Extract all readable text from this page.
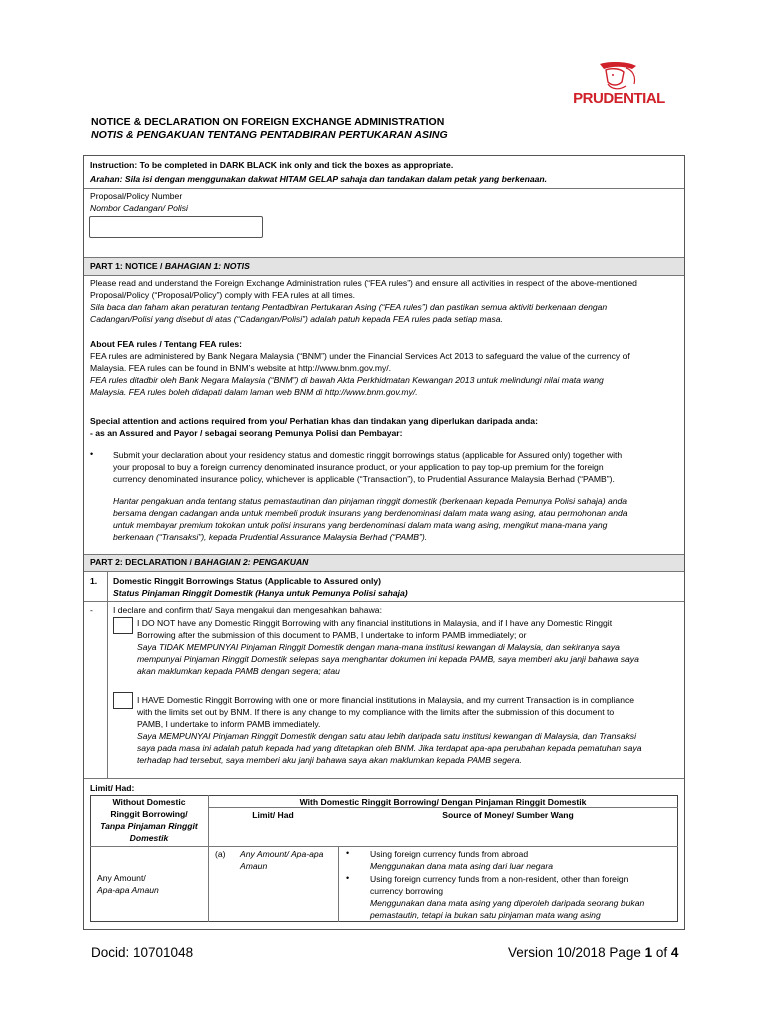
PRUDENTIAL
NOTICE & DECLARATION ON FOREIGN EXCHANGE ADMINISTRATION
NOTIS & PENGAKUAN TENTANG PENTADBIRAN PERTUKARAN ASING
Instruction: To be completed in DARK BLACK ink only and tick the boxes as appropriate.
Arahan: Sila isi dengan menggunakan dakwat HITAM GELAP sahaja dan tandakan dalam petak yang berkenaan.
Proposal/Policy Number
Nombor Cadangan/ Polisi
PART 1: NOTICE / BAHAGIAN 1: NOTIS
Please read and understand the Foreign Exchange Administration rules (“FEA rules”) and ensure all activities in respect of the above-mentioned
Proposal/Policy (“Proposal/Policy”) comply with FEA rules at all times.
Sila baca dan faham akan peraturan tentang Pentadbiran Pertukaran Asing (“FEA rules”) dan pastikan semua aktiviti berkenaan dengan
Cadangan/Polisi yang disebut di atas (“Cadangan/Polisi”) adalah patuh kepada FEA rules pada setiap masa.
About FEA rules / Tentang FEA rules:
FEA rules are administered by Bank Negara Malaysia (“BNM”) under the Financial Services Act 2013 to safeguard the value of the currency of
Malaysia. FEA rules can be found in BNM’s website at http://www.bnm.gov.my/.
FEA rules ditadbir oleh Bank Negara Malaysia (“BNM”) di bawah Akta Perkhidmatan Kewangan 2013 untuk melindungi nilai mata wang
Malaysia. FEA rules boleh didapati dalam laman web BNM di http://www.bnm.gov.my/.
Special attention and actions required from you/ Perhatian khas dan tindakan yang diperlukan daripada anda:
- as an Assured and Payor / sebagai seorang Pemunya Polisi dan Pembayar:
• Submit your declaration about your residency status and domestic ringgit borrowings status (applicable for Assured only) together with
your proposal to buy a foreign currency denominated insurance product, or your application to pay top-up premium for the foreign
currency denominated insurance policy, whichever is applicable (“Transaction”), to Prudential Assurance Malaysia Berhad (“PAMB”).
Hantar pengakuan anda tentang status pemastautinan dan pinjaman ringgit domestik (berkenaan kepada Pemunya Polisi sahaja) anda
bersama dengan cadangan anda untuk membeli produk insurans yang berdenominasi dalam mata wang asing, atau permohonan anda
untuk membayar premium tokokan untuk polisi insurans yang berdenominasi dalam mata wang asing, mengikut mana-mana yang
berkenaan (“Transaksi”), kepada Prudential Assurance Malaysia Berhad (“PAMB”).
PART 2: DECLARATION / BAHAGIAN 2: PENGAKUAN
1. Domestic Ringgit Borrowings Status (Applicable to Assured only)
Status Pinjaman Ringgit Domestik (Hanya untuk Pemunya Polisi sahaja)
- I declare and confirm that/ Saya mengakui dan mengesahkan bahawa:
I DO NOT have any Domestic Ringgit Borrowing with any financial institutions in Malaysia, and if I have any Domestic Ringgit
Borrowing after the submission of this document to PAMB, I undertake to inform PAMB immediately; or
Saya TIDAK MEMPUNYAI Pinjaman Ringgit Domestik dengan mana-mana institusi kewangan di Malaysia, dan sekiranya saya
mempunyai Pinjaman Ringgit Domestik selepas saya menghantar dokumen ini kepada PAMB, saya memberi aku janji bahawa saya
akan maklumkan kepada PAMB dengan segera; atau
I HAVE Domestic Ringgit Borrowing with one or more financial institutions in Malaysia, and my current Transaction is in compliance
with the limits set out by BNM. If there is any change to my compliance with the limits after the submission of this document to
PAMB, I undertake to inform PAMB immediately.
Saya MEMPUNYAI Pinjaman Ringgit Domestik dengan satu atau lebih daripada satu institusi kewangan di Malaysia, dan Transaksi
saya pada masa ini adalah patuh kepada had yang ditetapkan oleh BNM. Jika terdapat apa-apa perubahan kepada pematuhan saya
terhadap had tersebut, saya memberi aku janji bahawa saya akan maklumkan kepada PAMB segera.
Limit/ Had:
Without Domestic
Ringgit Borrowing/
Tanpa Pinjaman Ringgit
Domestik
With Domestic Ringgit Borrowing/ Dengan Pinjaman Ringgit Domestik
Limit/ Had	Source of Money/ Sumber Wang
Any Amount/
Apa-apa Amaun
(a) Any Amount/ Apa-apa
Amaun
• Using foreign currency funds from abroad
Menggunakan dana mata asing dari luar negara
• Using foreign currency funds from a non-resident, other than foreign
currency borrowing
Menggunakan dana mata asing yang diperoleh daripada seorang bukan
pemastautin, tetapi ia bukan satu pinjaman mata wang asing
Docid: 10701048	Version 10/2018 Page 1 of 4
